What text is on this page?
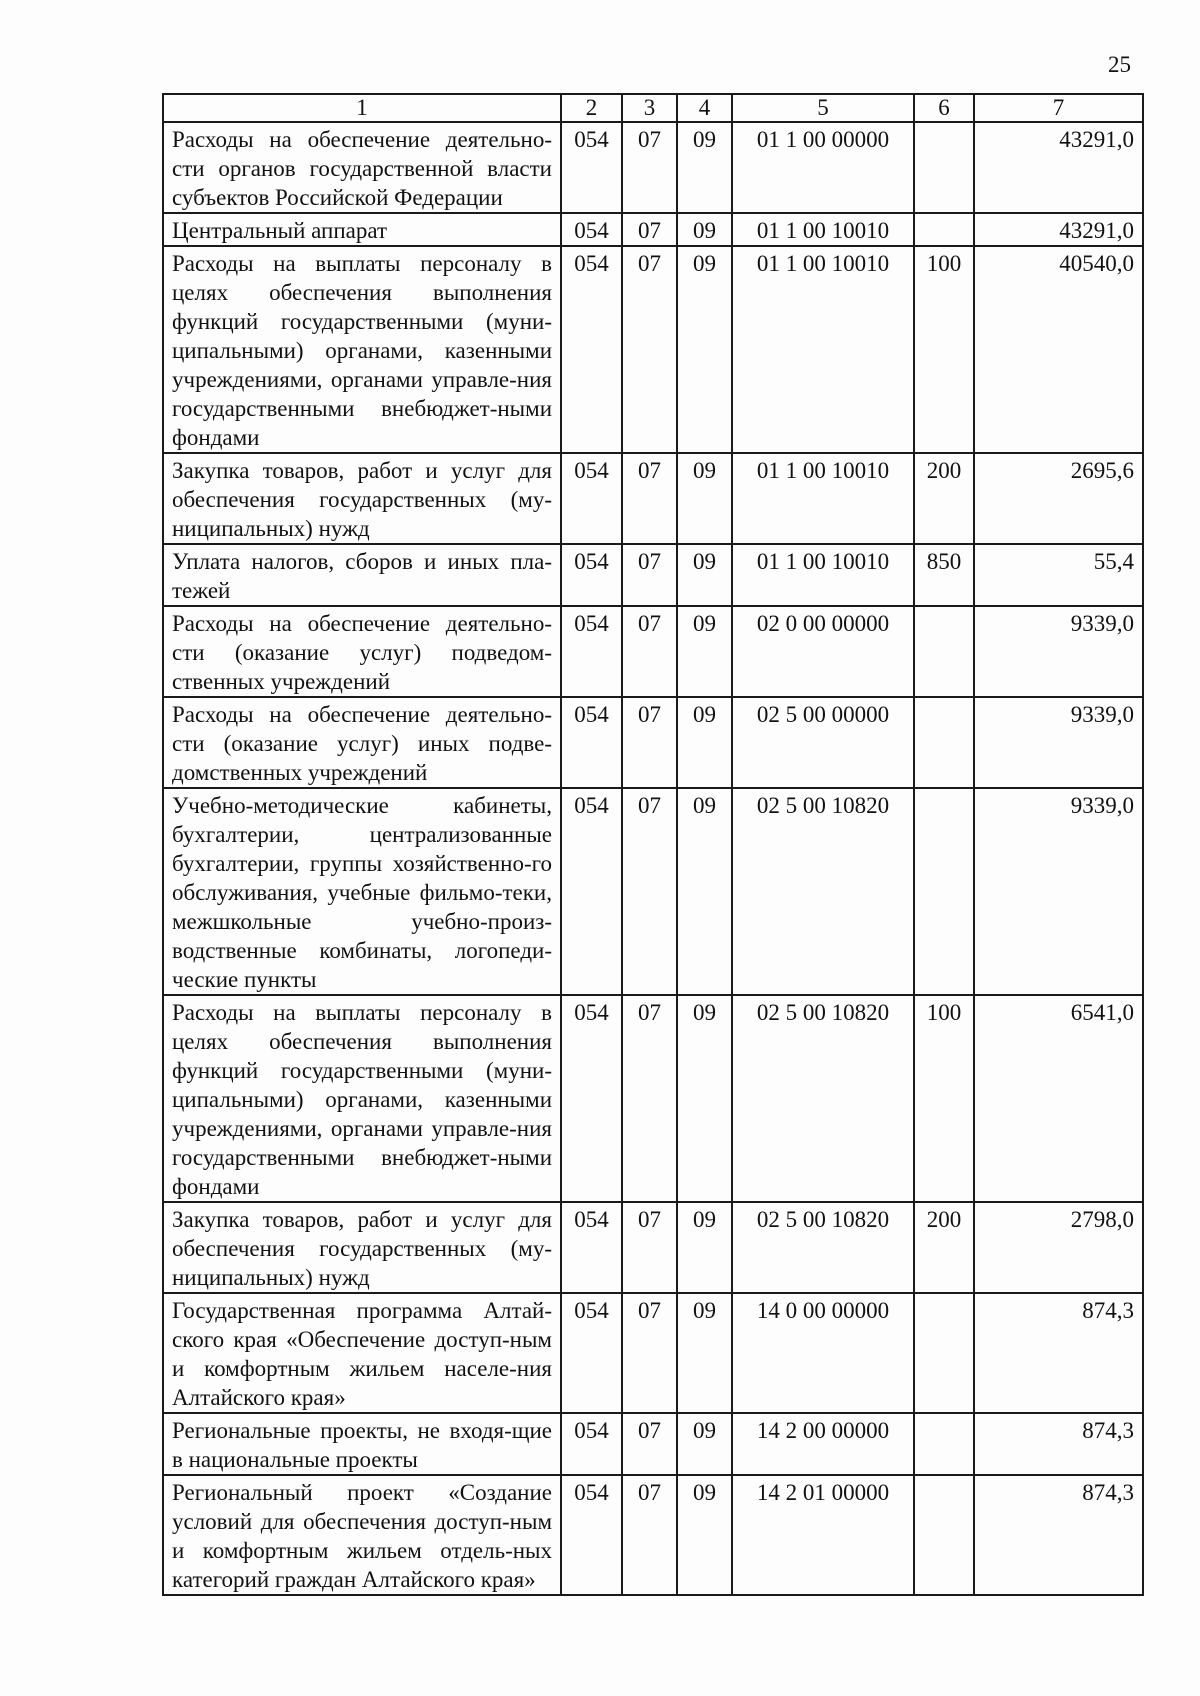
25
1	2	3	4	5	6	7
Расходы на обеспечение деятельно-сти органов государственной власти субъектов Российской Федерации	054	07	09	01 1 00 00000		43291,0
Центральный аппарат	054	07	09	01 1 00 10010		43291,0
Расходы на выплаты персоналу в целях обеспечения выполнения функций государственными (муни-ципальными) органами, казенными учреждениями, органами управле-ния государственными внебюджет-ными фондами	054	07	09	01 1 00 10010	100	40540,0
Закупка товаров, работ и услуг для обеспечения государственных (му-ниципальных) нужд	054	07	09	01 1 00 10010	200	2695,6
Уплата налогов, сборов и иных пла-тежей	054	07	09	01 1 00 10010	850	55,4
Расходы на обеспечение деятельно-сти (оказание услуг) подведом-ственных учреждений	054	07	09	02 0 00 00000		9339,0
Расходы на обеспечение деятельно-сти (оказание услуг) иных подве-домственных учреждений	054	07	09	02 5 00 00000		9339,0
Учебно-методические кабинеты, бухгалтерии, централизованные бухгалтерии, группы хозяйственно-го обслуживания, учебные фильмо-теки, межшкольные учебно-произ-водственные комбинаты, логопеди-ческие пункты	054	07	09	02 5 00 10820		9339,0
Расходы на выплаты персоналу в целях обеспечения выполнения функций государственными (муни-ципальными) органами, казенными учреждениями, органами управле-ния государственными внебюджет-ными фондами	054	07	09	02 5 00 10820	100	6541,0
Закупка товаров, работ и услуг для обеспечения государственных (му-ниципальных) нужд	054	07	09	02 5 00 10820	200	2798,0
Государственная программа Алтай-ского края «Обеспечение доступ-ным и комфортным жильем населе-ния Алтайского края»	054	07	09	14 0 00 00000		874,3
Региональные проекты, не входя-щие в национальные проекты	054	07	09	14 2 00 00000		874,3
Региональный проект «Создание условий для обеспечения доступ-ным и комфортным жильем отдель-ных категорий граждан Алтайского края»	054	07	09	14 2 01 00000		874,3
